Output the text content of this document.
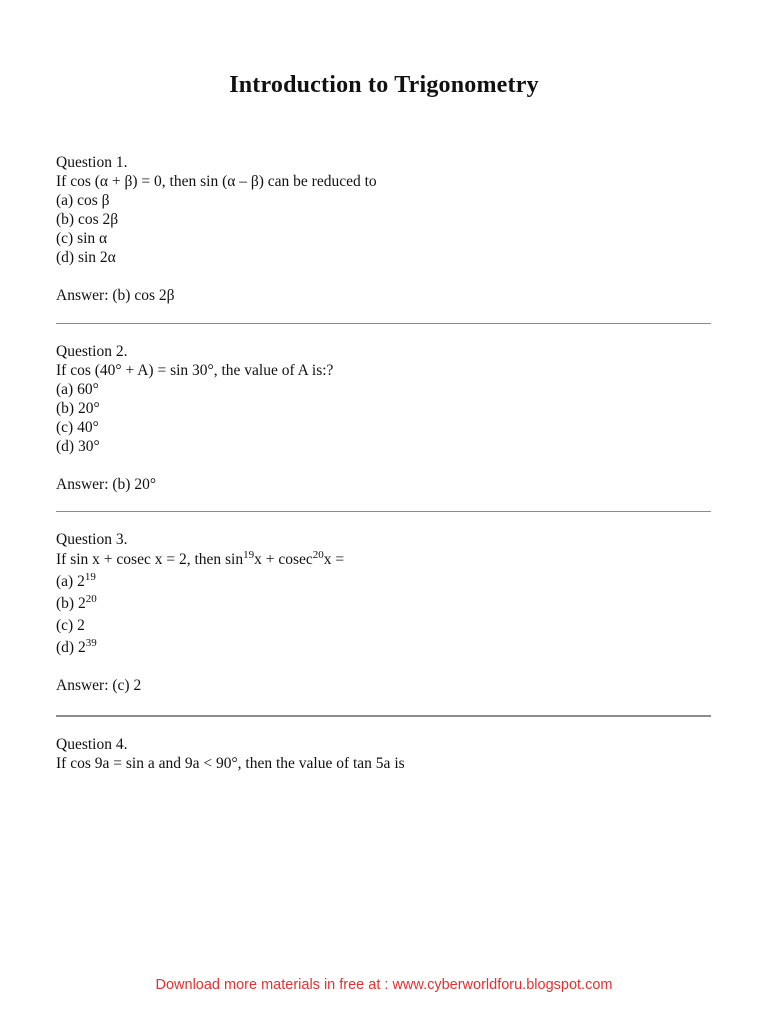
Introduction to Trigonometry
Question 1.
If cos (α + β) = 0, then sin (α – β) can be reduced to
(a) cos β
(b) cos 2β
(c) sin α
(d) sin 2α
Answer: (b) cos 2β
Question 2.
If cos (40° + A) = sin 30°, the value of A is:?
(a) 60°
(b) 20°
(c) 40°
(d) 30°
Answer: (b) 20°
Question 3.
If sin x + cosec x = 2, then $\sin^{19}x + cosec^{20}x$ =
(a) $2^{19}$
(b) $2^{20}$
(c) 2
(d) $2^{39}$
Answer: (c) 2
Question 4.
If cos 9a = sin a and 9a < 90°, then the value of tan 5a is
Download more materials in free at : www.cyberworldforu.blogspot.com
